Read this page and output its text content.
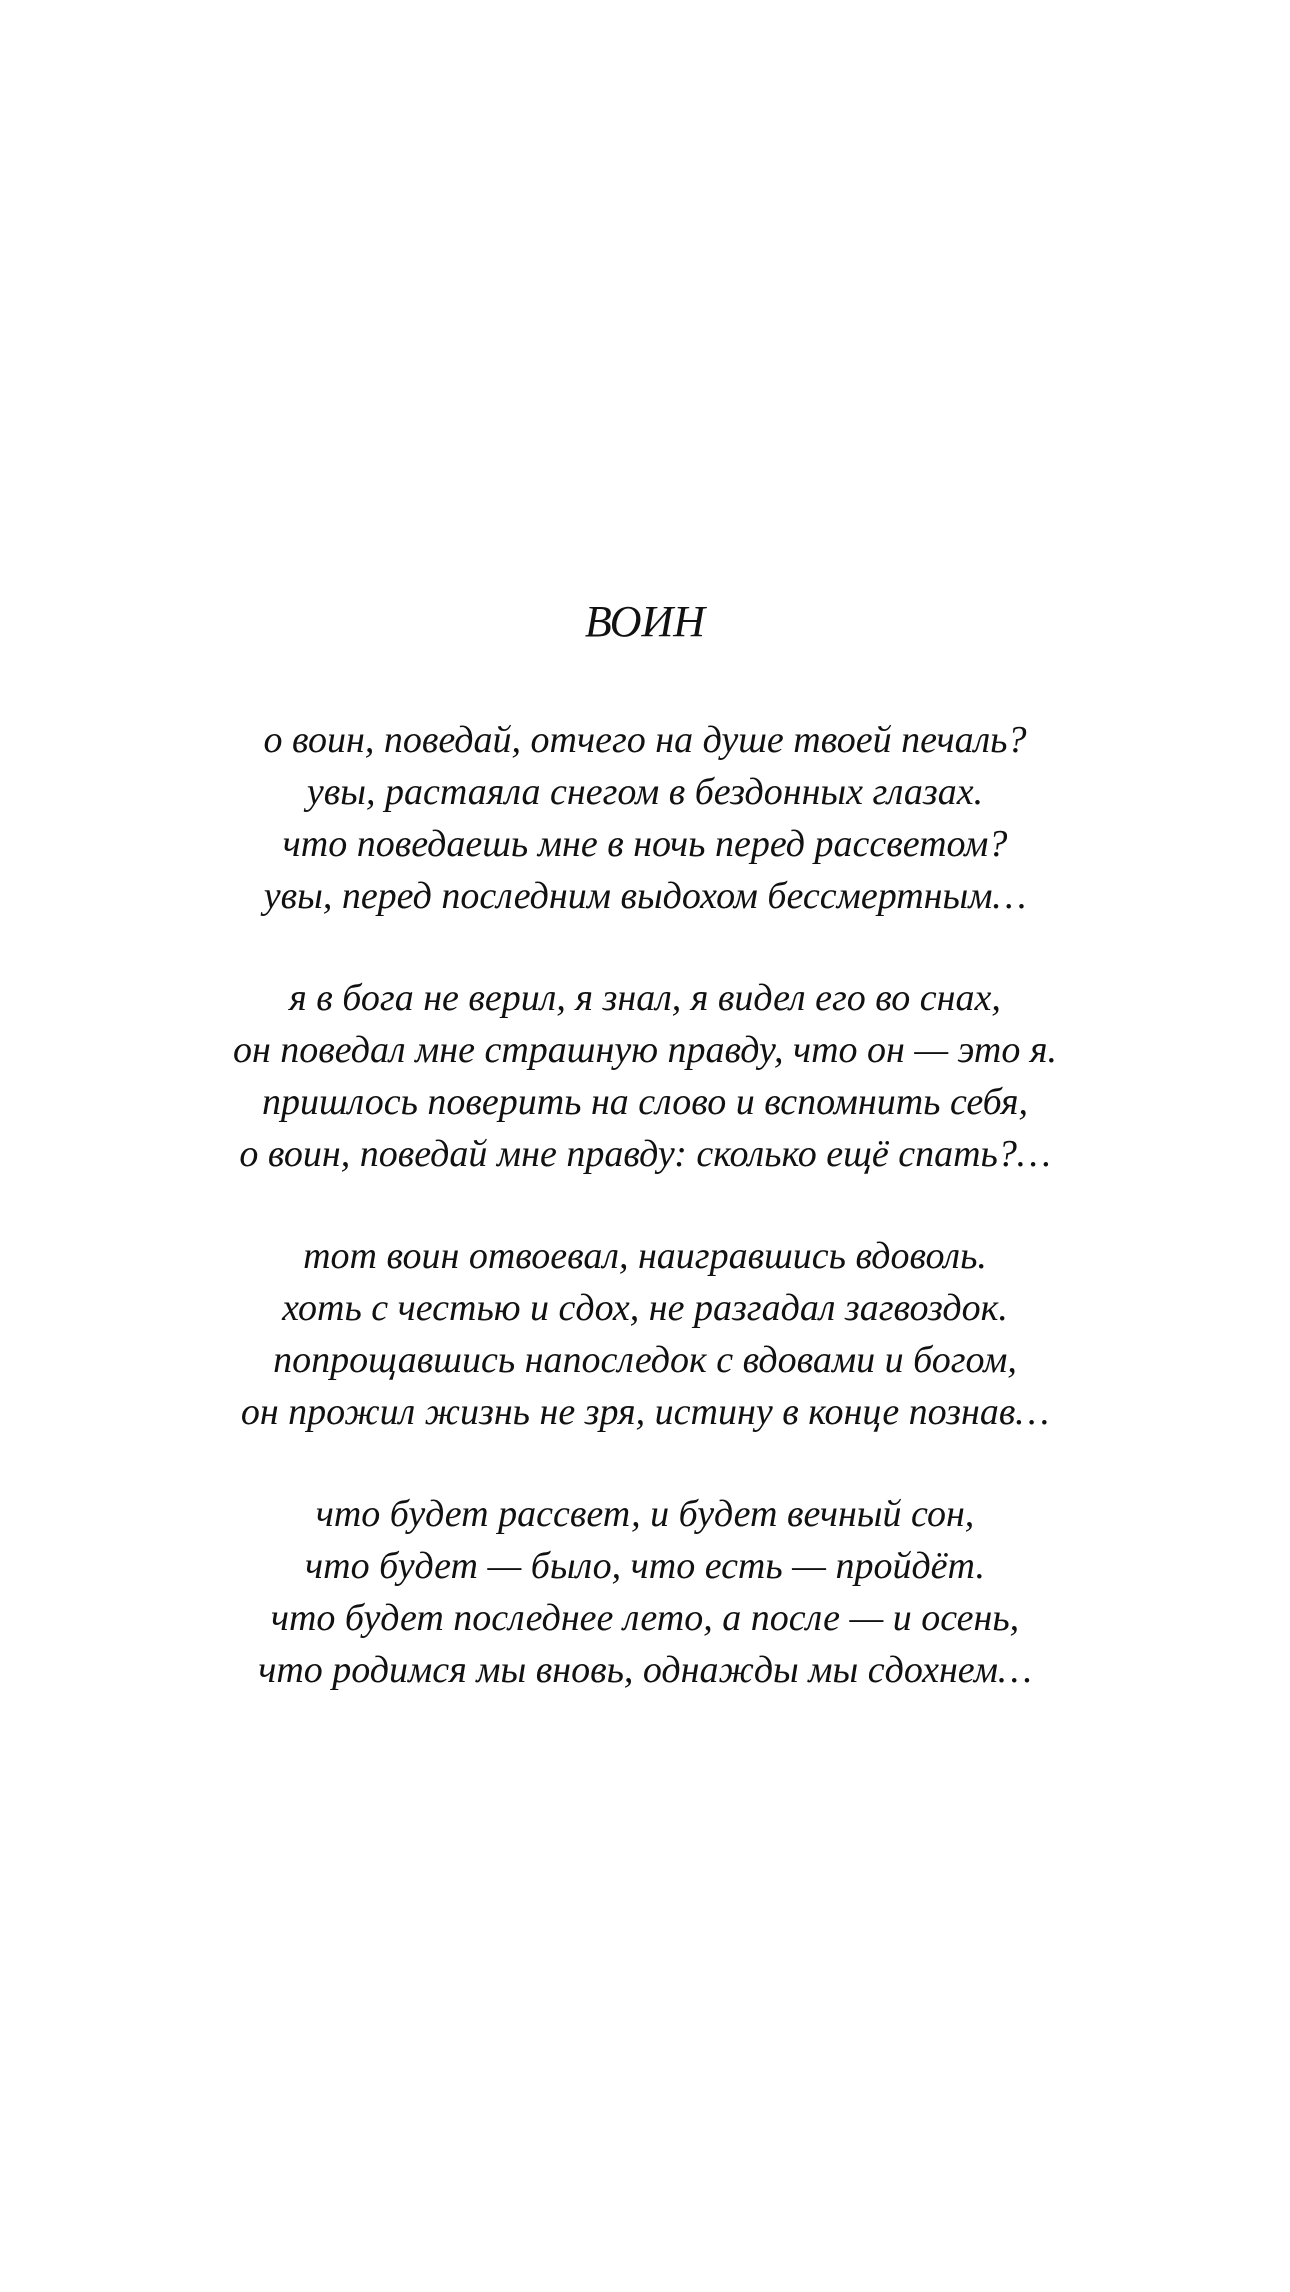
ВОИН
о воин, поведай, отчего на душе твоей печаль?
увы, растаяла снегом в бездонных глазах.
что поведаешь мне в ночь перед рассветом?
увы, перед последним выдохом бессмертным…
я в бога не верил, я знал, я видел его во снах,
он поведал мне страшную правду, что он — это я.
пришлось поверить на слово и вспомнить себя,
о воин, поведай мне правду: сколько ещё спать?…
тот воин отвоевал, наигравшись вдоволь.
хоть с честью и сдох, не разгадал загвоздок.
попрощавшись напоследок с вдовами и богом,
он прожил жизнь не зря, истину в конце познав…
что будет рассвет, и будет вечный сон,
что будет — было, что есть — пройдёт.
что будет последнее лето, а после — и осень,
что родимся мы вновь, однажды мы сдохнем…
